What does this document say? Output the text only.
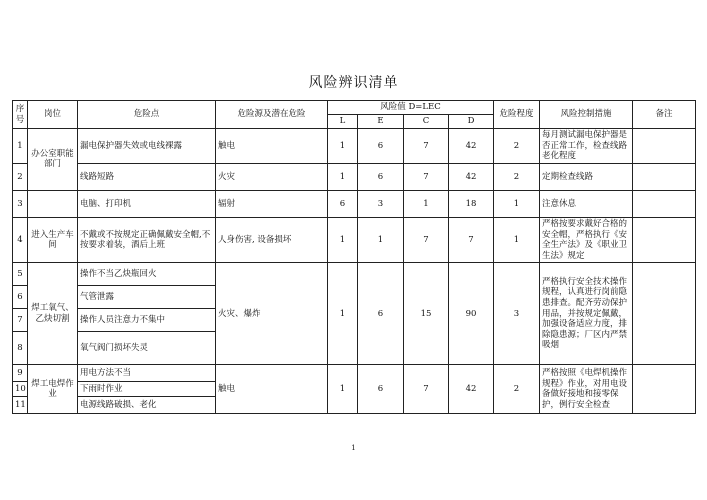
风险辨识清单
序号	岗位	危险点	危险源及潜在危险	风险值 D=LEC				危险程度	风险控制措施	备注
				L	E	C	D			
1	办公室职能部门	漏电保护器失效或电线裸露	触电	1	6	7	42	2	每月测试漏电保护器是否正常工作，检查线路老化程度	
2		线路短路	火灾	1	6	7	42	2	定期检查线路	
3		电脑、打印机	辐射	6	3	1	18	1	注意休息	
4	进入生产车间	不戴或不按规定正确佩戴安全帽,不按要求着装，酒后上班	人身伤害, 设备损坏	1	1	7	7	1	严格按要求戴好合格的安全帽，严格执行《安全生产法》及《职业卫生法》规定	
5	焊工氧气、乙炔切割	操作不当乙炔瓶回火	火灾、爆炸	1	6	15	90	3	严格执行安全技术操作规程，认真进行岗前隐患排查。配齐劳动保护用品，并按规定佩戴，加强设备适应力度，排除隐患源；厂区内严禁吸烟	
6		气管泄露								
7		操作人员注意力不集中								
8		氧气阀门损坏失灵								
9	焊工电焊作业	用电方法不当	触电	1	6	7	42	2	严格按照《电焊机操作规程》作业，对用电设备做好接地和接零保护，例行安全检查	
10		下雨时作业								
11		电源线路破损、老化								
1
